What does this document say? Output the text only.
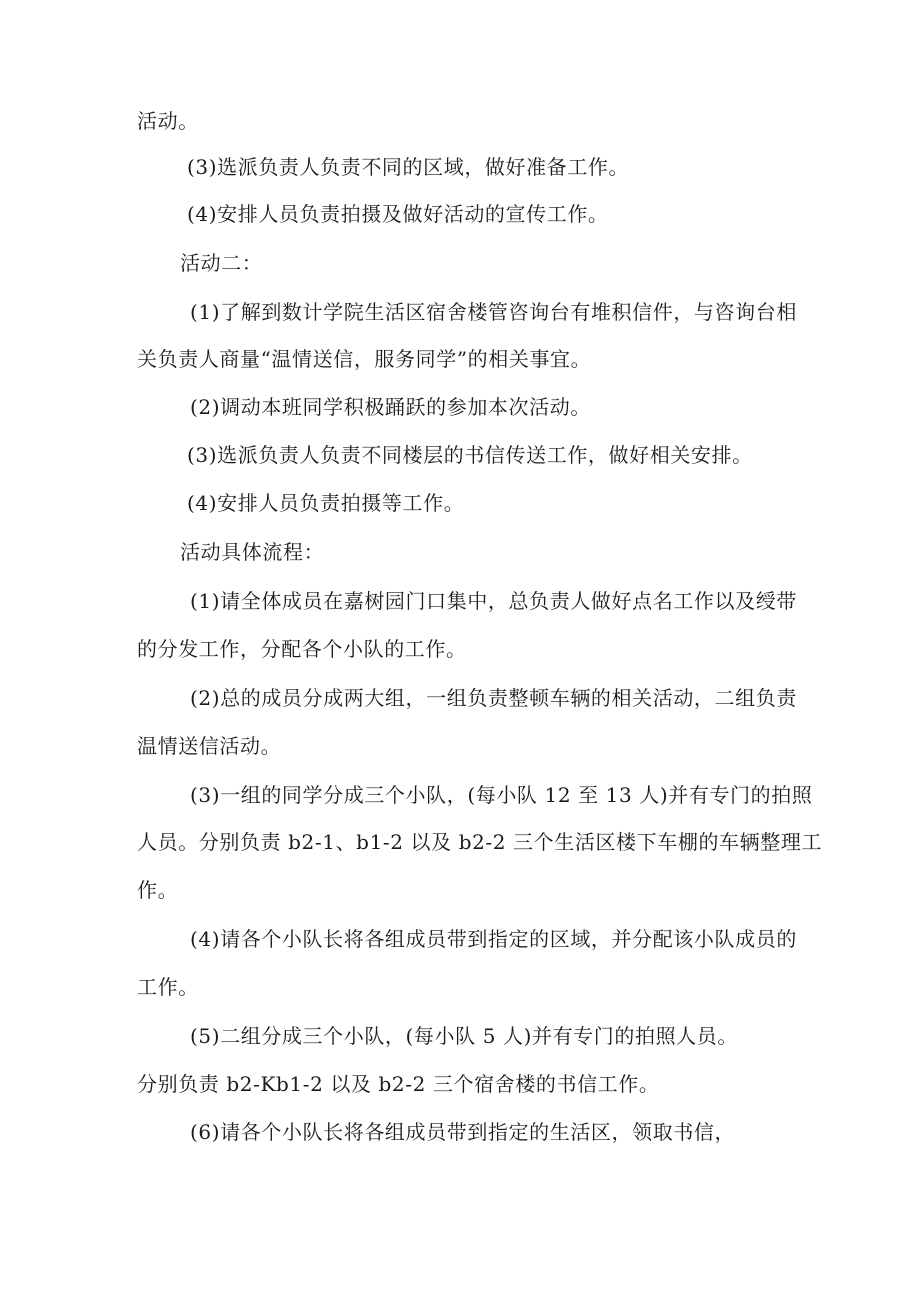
活动。
(3)选派负责人负责不同的区域，做好准备工作。
(4)安排人员负责拍摄及做好活动的宣传工作。
活动二：
(1)了解到数计学院生活区宿舍楼管咨询台有堆积信件，与咨询台相
关负责人商量“温情送信，服务同学”的相关事宜。
(2)调动本班同学积极踊跃的参加本次活动。
(3)选派负责人负责不同楼层的书信传送工作，做好相关安排。
(4)安排人员负责拍摄等工作。
活动具体流程：
(1)请全体成员在嘉树园门口集中，总负责人做好点名工作以及绶带
的分发工作，分配各个小队的工作。
(2)总的成员分成两大组，一组负责整顿车辆的相关活动，二组负责
温情送信活动。
(3)一组的同学分成三个小队，(每小队 12 至 13 人)并有专门的拍照
人员。分别负责 b2-1、b1-2 以及 b2-2 三个生活区楼下车棚的车辆整理工
作。
(4)请各个小队长将各组成员带到指定的区域，并分配该小队成员的
工作。
(5)二组分成三个小队，(每小队 5 人)并有专门的拍照人员。
分别负责 b2-Kb1-2 以及 b2-2 三个宿舍楼的书信工作。
(6)请各个小队长将各组成员带到指定的生活区，领取书信，
